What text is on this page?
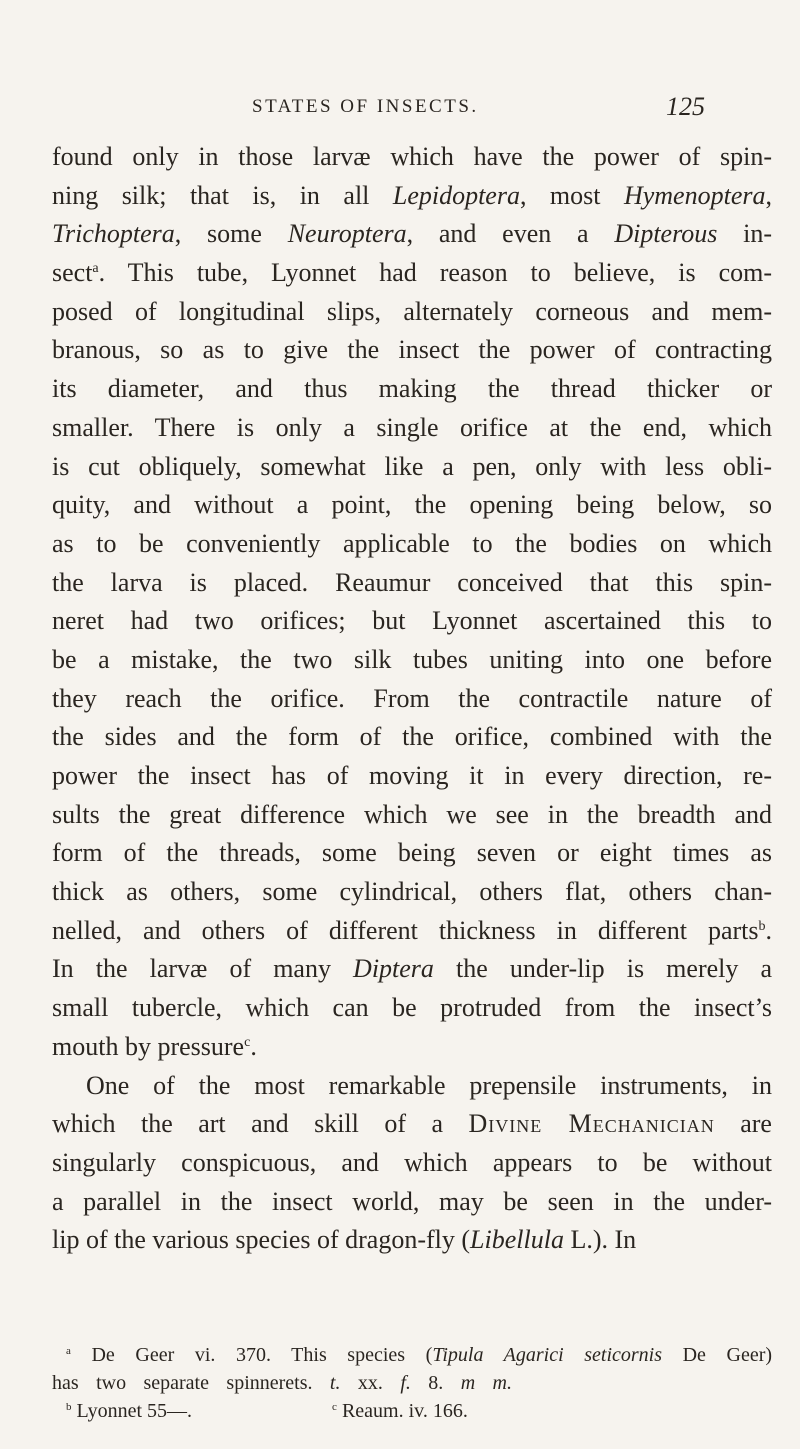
STATES OF INSECTS.	125
found only in those larvæ which have the power of spin-
ning silk; that is, in all Lepidoptera, most Hymenoptera,
Trichoptera, some Neuroptera, and even a Dipterous in-
sect$^a$. This tube, Lyonnet had reason to believe, is com-
posed of longitudinal slips, alternately corneous and mem-
branous, so as to give the insect the power of contracting
its diameter, and thus making the thread thicker or
smaller. There is only a single orifice at the end, which
is cut obliquely, somewhat like a pen, only with less obli-
quity, and without a point, the opening being below, so
as to be conveniently applicable to the bodies on which
the larva is placed. Reaumur conceived that this spin-
neret had two orifices; but Lyonnet ascertained this to
be a mistake, the two silk tubes uniting into one before
they reach the orifice. From the contractile nature of
the sides and the form of the orifice, combined with the
power the insect has of moving it in every direction, re-
sults the great difference which we see in the breadth and
form of the threads, some being seven or eight times as
thick as others, some cylindrical, others flat, others chan-
nelled, and others of different thickness in different parts$^b$.
In the larvæ of many Diptera the under-lip is merely a
small tubercle, which can be protruded from the insect’s
mouth by pressure$^c$.
One of the most remarkable prepensile instruments, in
which the art and skill of a Divine Mechanician are
singularly conspicuous, and which appears to be without
a parallel in the insect world, may be seen in the under-
lip of the various species of dragon-fly (Libellula L.). In
$^a$ De Geer vi. 370. This species (Tipula Agarici seticornis De Geer)
has two separate spinnerets. t. xx. f. 8. m m.
$^b$ Lyonnet 55—.	$^c$ Reaum. iv. 166.
